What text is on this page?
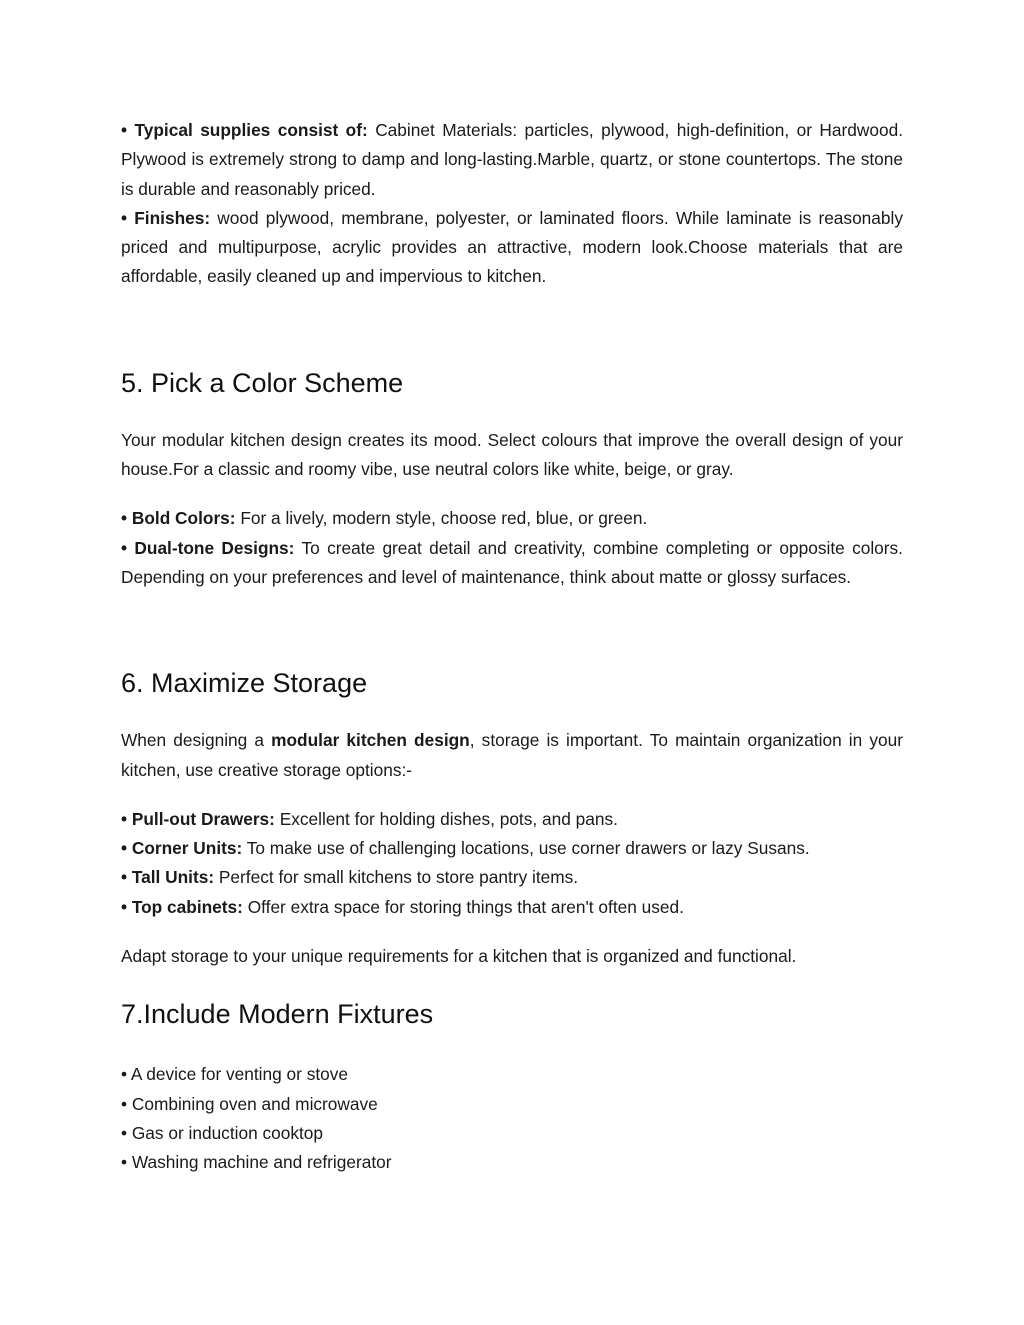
• Typical supplies consist of: Cabinet Materials: particles, plywood, high-definition, or Hardwood. Plywood is extremely strong to damp and long-lasting.Marble, quartz, or stone countertops. The stone is durable and reasonably priced.

• Finishes: wood plywood, membrane, polyester, or laminated floors. While laminate is reasonably priced and multipurpose, acrylic provides an attractive, modern look.Choose materials that are affordable, easily cleaned up and impervious to kitchen.

5. Pick a Color Scheme

Your modular kitchen design creates its mood. Select colours that improve the overall design of your house.For a classic and roomy vibe, use neutral colors like white, beige, or gray.

• Bold Colors: For a lively, modern style, choose red, blue, or green.

• Dual-tone Designs: To create great detail and creativity, combine completing or opposite colors. Depending on your preferences and level of maintenance, think about matte or glossy surfaces.

6. Maximize Storage

When designing a modular kitchen design, storage is important. To maintain organization in your kitchen, use creative storage options:-

• Pull-out Drawers: Excellent for holding dishes, pots, and pans.

• Corner Units: To make use of challenging locations, use corner drawers or lazy Susans.

• Tall Units: Perfect for small kitchens to store pantry items.

• Top cabinets: Offer extra space for storing things that aren't often used.

Adapt storage to your unique requirements for a kitchen that is organized and functional.

7.Include Modern Fixtures

• A device for venting or stove

• Combining oven and microwave

• Gas or induction cooktop

• Washing machine and refrigerator
